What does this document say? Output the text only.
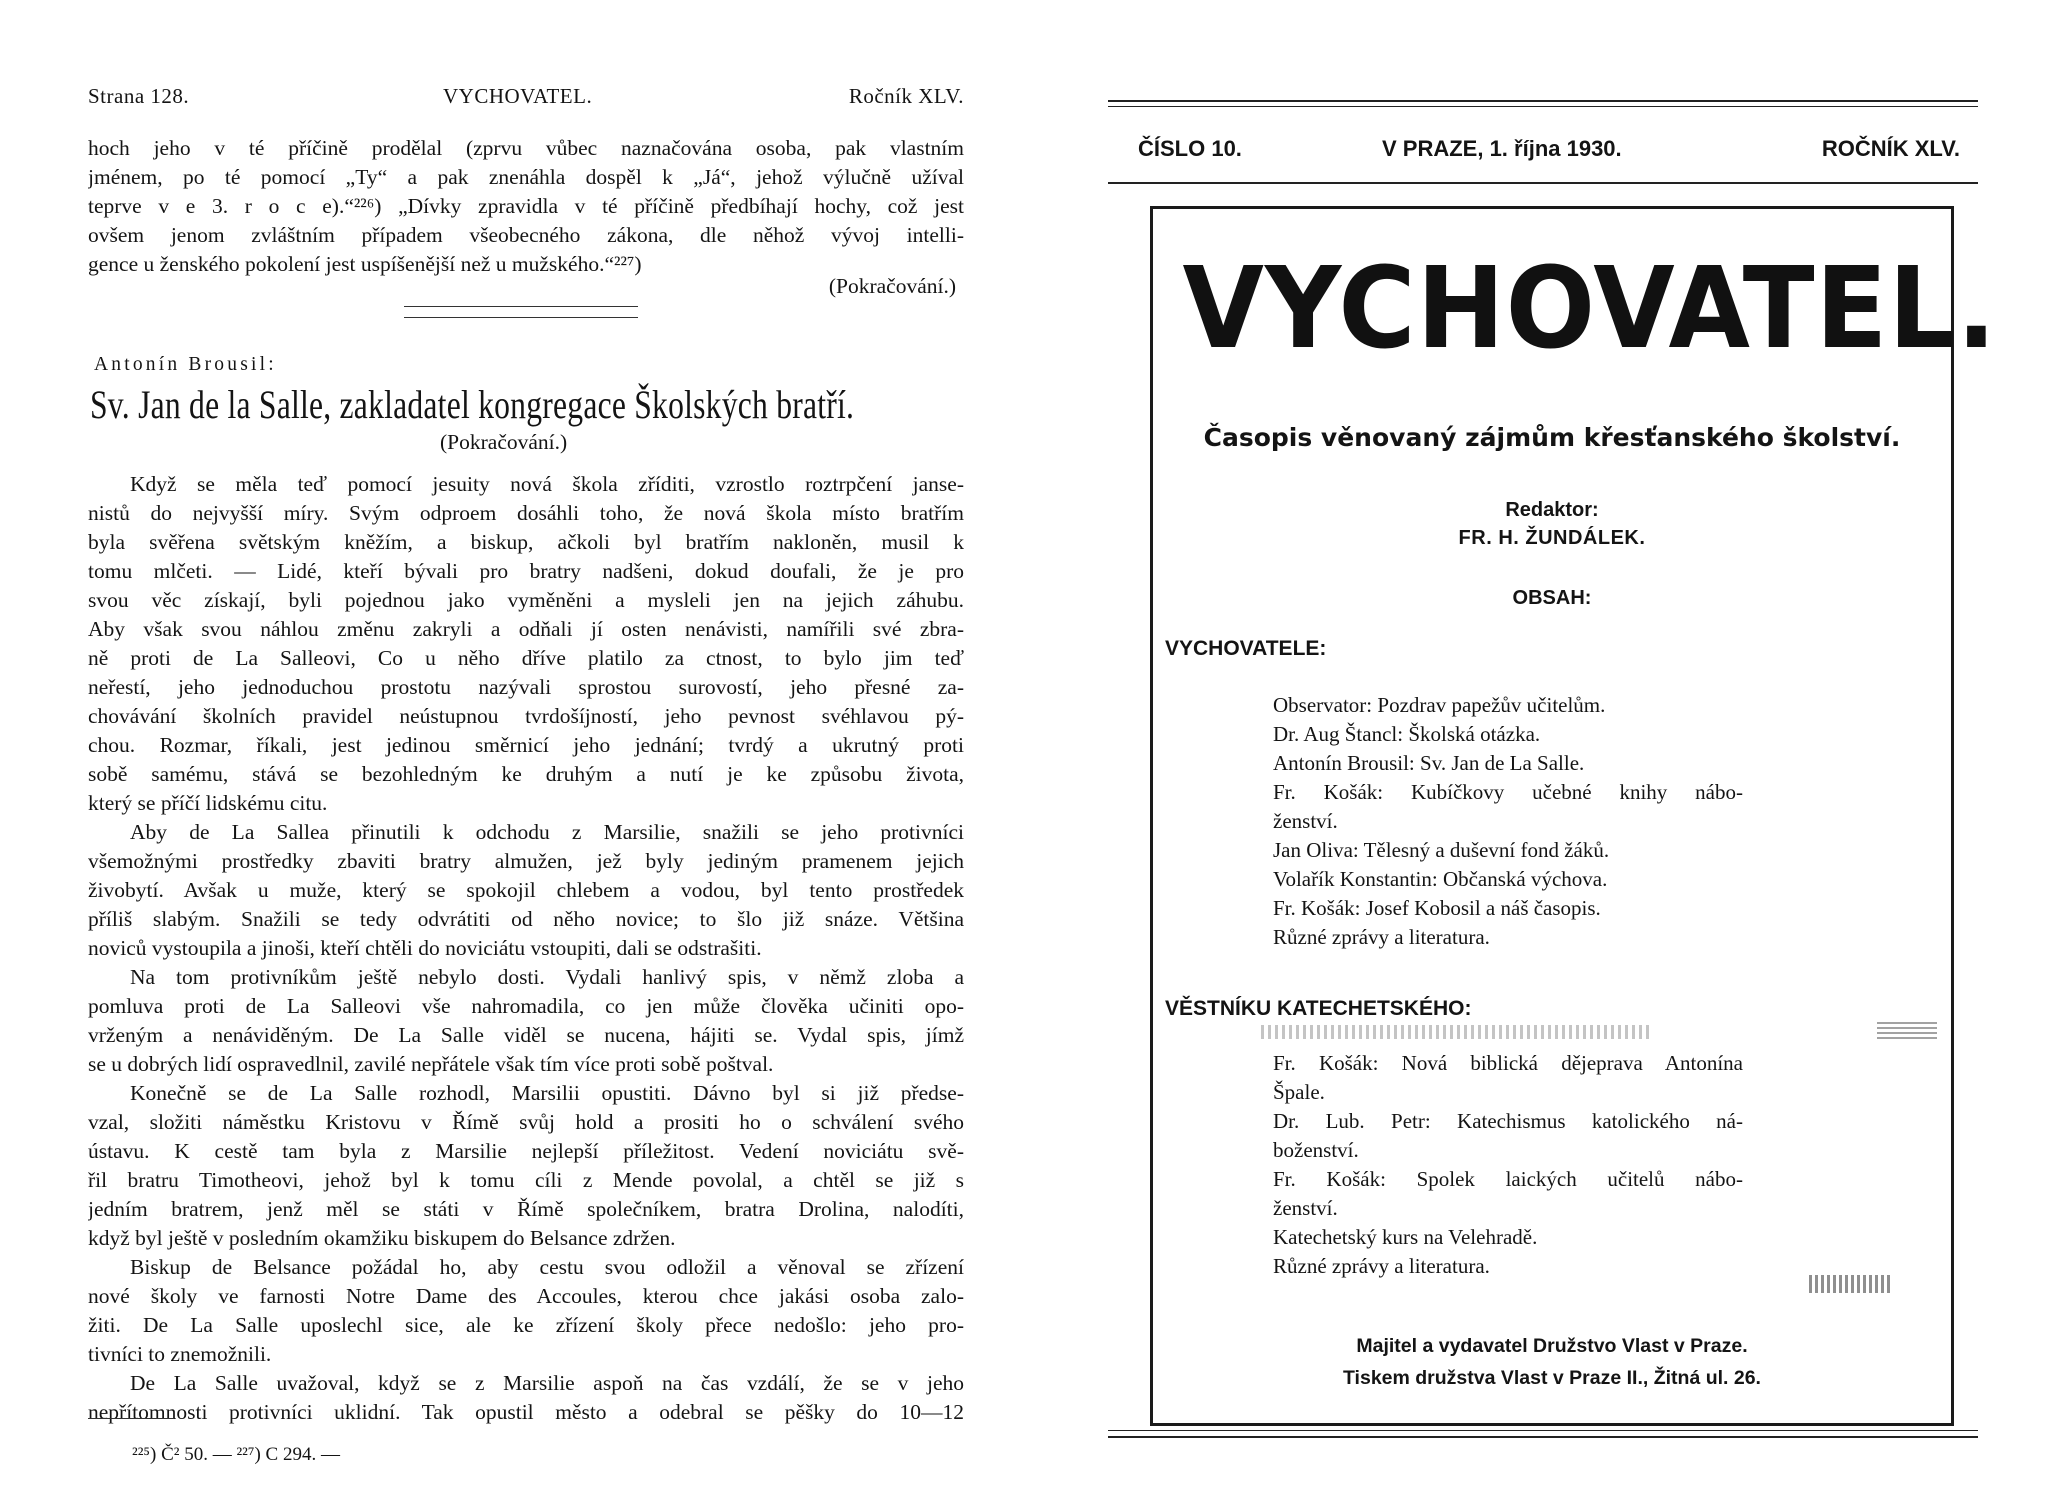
Strana 128.	VYCHOVATEL.	Ročník XLV.
hoch jeho v té příčině prodělal (zprvu vůbec naznačována osoba, pak vlastním
jménem, po té pomocí „Ty“ a pak znenáhla dospěl k „Já“, jehož výlučně užíval
teprve v e 3. r o c e).“²²⁶) „Dívky zpravidla v té příčině předbíhají hochy, což jest
ovšem jenom zvláštním případem všeobecného zákona, dle něhož vývoj intelli-
gence u ženského pokolení jest uspíšenější než u mužského.“²²⁷)
(Pokračování.)
Antonín Brousil:
Sv. Jan de la Salle, zakladatel kongregace Školských bratří.
(Pokračování.)
Když se měla teď pomocí jesuity nová škola zříditi, vzrostlo roztrpčení janse-
nistů do nejvyšší míry. Svým odproem dosáhli toho, že nová škola místo bratřím
byla svěřena světským kněžím, a biskup, ačkoli byl bratřím nakloněn, musil k
tomu mlčeti. — Lidé, kteří bývali pro bratry nadšeni, dokud doufali, že je pro
svou věc získají, byli pojednou jako vyměněni a mysleli jen na jejich záhubu.
Aby však svou náhlou změnu zakryli a odňali jí osten nenávisti, namířili své zbra-
ně proti de La Salleovi, Co u něho dříve platilo za ctnost, to bylo jim teď
neřestí, jeho jednoduchou prostotu nazývali sprostou surovostí, jeho přesné za-
chovávání školních pravidel neústupnou tvrdošíjností, jeho pevnost svéhlavou pý-
chou. Rozmar, říkali, jest jedinou směrnicí jeho jednání; tvrdý a ukrutný proti
sobě samému, stává se bezohledným ke druhým a nutí je ke způsobu života,
který se příčí lidskému citu.
Aby de La Sallea přinutili k odchodu z Marsilie, snažili se jeho protivníci
všemožnými prostředky zbaviti bratry almužen, jež byly jediným pramenem jejich
živobytí. Avšak u muže, který se spokojil chlebem a vodou, byl tento prostředek
příliš slabým. Snažili se tedy odvrátiti od něho novice; to šlo již snáze. Většina
noviců vystoupila a jinoši, kteří chtěli do noviciátu vstoupiti, dali se odstrašiti.
Na tom protivníkům ještě nebylo dosti. Vydali hanlivý spis, v němž zloba a
pomluva proti de La Salleovi vše nahromadila, co jen může člověka učiniti opo-
vrženým a nenáviděným. De La Salle viděl se nucena, hájiti se. Vydal spis, jímž
se u dobrých lidí ospravedlnil, zavilé nepřátele však tím více proti sobě poštval.
Konečně se de La Salle rozhodl, Marsilii opustiti. Dávno byl si již předse-
vzal, složiti náměstku Kristovu v Římě svůj hold a prositi ho o schválení svého
ústavu. K cestě tam byla z Marsilie nejlepší příležitost. Vedení noviciátu svě-
řil bratru Timotheovi, jehož byl k tomu cíli z Mende povolal, a chtěl se již s
jedním bratrem, jenž měl se státi v Římě společníkem, bratra Drolina, nalodíti,
když byl ještě v posledním okamžiku biskupem do Belsance zdržen.
Biskup de Belsance požádal ho, aby cestu svou odložil a věnoval se zřízení
nové školy ve farnosti Notre Dame des Accoules, kterou chce jakási osoba zalo-
žiti. De La Salle uposlechl sice, ale ke zřízení školy přece nedošlo: jeho pro-
tivníci to znemožnili.
De La Salle uvažoval, když se z Marsilie aspoň na čas vzdálí, že se v jeho
nepřítomnosti protivníci uklidní. Tak opustil město a odebral se pěšky do 10—12
²²⁵) Č² 50. — ²²⁷) C 294. —
ČÍSLO 10.	V PRAZE, 1. října 1930.	ROČNÍK XLV.
VYCHOVATEL.
Časopis věnovaný zájmům křesťanského školství.
Redaktor:
FR. H. ŽUNDÁLEK.
OBSAH:
VYCHOVATELE:
Observator: Pozdrav papežův učitelům.
Dr. Aug Štancl: Školská otázka.
Antonín Brousil: Sv. Jan de La Salle.
Fr. Košák: Kubíčkovy učebné knihy nábo-
ženství.
Jan Oliva: Tělesný a duševní fond žáků.
Volařík Konstantin: Občanská výchova.
Fr. Košák: Josef Kobosil a náš časopis.
Různé zprávy a literatura.
VĚSTNÍKU KATECHETSKÉHO:
Fr. Košák: Nová biblická dějeprava Antonína
Špale.
Dr. Lub. Petr: Katechismus katolického ná-
boženství.
Fr. Košák: Spolek laických učitelů nábo-
ženství.
Katechetský kurs na Velehradě.
Různé zprávy a literatura.
Majitel a vydavatel Družstvo Vlast v Praze.
Tiskem družstva Vlast v Praze II., Žitná ul. 26.
